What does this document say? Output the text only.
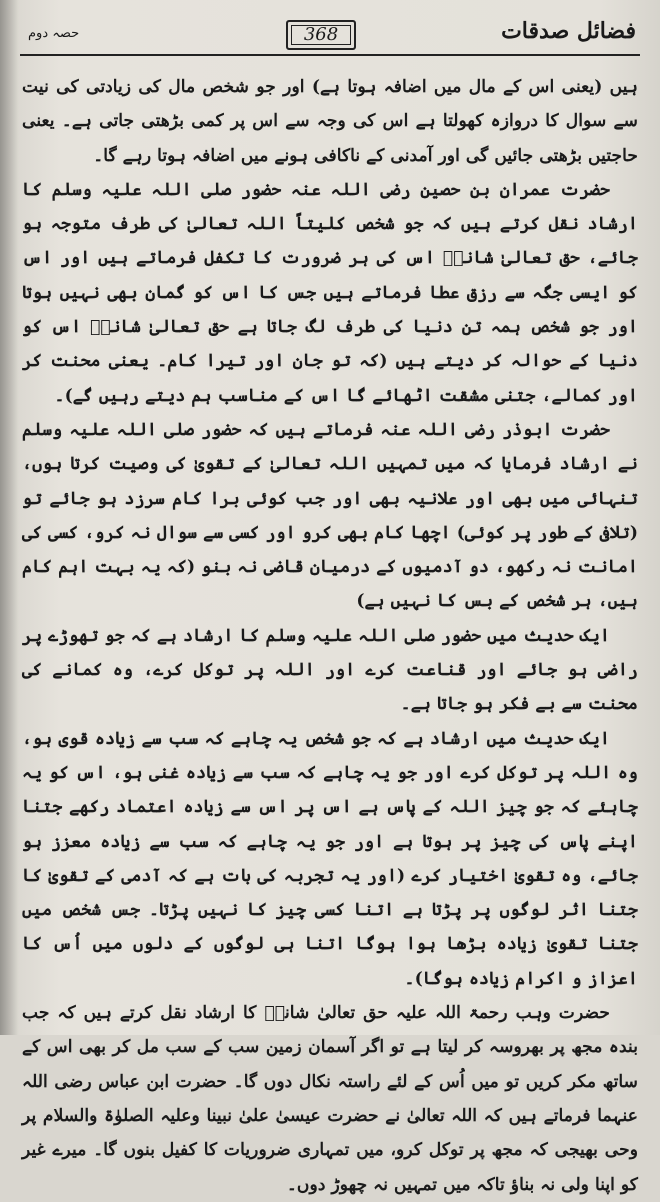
فضائل صدقات
368
حصہ دوم

ہیں (یعنی اس کے مال میں اضافہ ہوتا ہے) اور جو شخص مال کی زیادتی کی نیت سے سوال کا دروازہ کھولتا ہے اس کی وجہ سے اس پر کمی بڑھتی جاتی ہے۔ یعنی حاجتیں بڑھتی جائیں گی اور آمدنی کے ناکافی ہونے میں اضافہ ہوتا رہے گا۔

حضرت عمران بن حصین رضی اللہ عنہ حضور صلی اللہ علیہ وسلم کا ارشاد نقل کرتے ہیں کہ جو شخص کلیتاً اللہ تعالیٰ کی طرف متوجہ ہو جائے، حق تعالیٰ شانہٗ اس کی ہر ضرورت کا تکفل فرماتے ہیں اور اس کو ایسی جگہ سے رزق عطا فرماتے ہیں جس کا اس کو گمان بھی نہیں ہوتا اور جو شخص ہمہ تن دنیا کی طرف لگ جاتا ہے حق تعالیٰ شانہٗ اس کو دنیا کے حوالہ کر دیتے ہیں (کہ تو جان اور تیرا کام۔ یعنی محنت کر اور کمالے، جتنی مشقت اٹھائے گا اس کے مناسب ہم دیتے رہیں گے)۔

حضرت ابوذر رضی اللہ عنہ فرماتے ہیں کہ حضور صلی اللہ علیہ وسلم نے ارشاد فرمایا کہ میں تمہیں اللہ تعالیٰ کے تقویٰ کی وصیت کرتا ہوں، تنہائی میں بھی اور علانیہ بھی اور جب کوئی برا کام سرزد ہو جائے تو (تلافی کے طور پر کوئی) اچھا کام بھی کرو اور کسی سے سوال نہ کرو، کسی کی امانت نہ رکھو، دو آدمیوں کے درمیان قاضی نہ بنو (کہ یہ بہت اہم کام ہیں، ہر شخص کے بس کا نہیں ہے)

ایک حدیث میں حضور صلی اللہ علیہ وسلم کا ارشاد ہے کہ جو تھوڑے پر راضی ہو جائے اور قناعت کرے اور اللہ پر توکل کرے، وہ کمانے کی محنت سے بے فکر ہو جاتا ہے۔

ایک حدیث میں ارشاد ہے کہ جو شخص یہ چاہے کہ سب سے زیادہ قوی ہو، وہ اللہ پر توکل کرے اور جو یہ چاہے کہ سب سے زیادہ غنی ہو، اس کو یہ چاہئے کہ جو چیز اللہ کے پاس ہے اس پر اس سے زیادہ اعتماد رکھے جتنا اپنے پاس کی چیز پر ہوتا ہے اور جو یہ چاہے کہ سب سے زیادہ معزز ہو جائے، وہ تقویٰ اختیار کرے (اور یہ تجربہ کی بات ہے کہ آدمی کے تقویٰ کا جتنا اثر لوگوں پر پڑتا ہے اتنا کسی چیز کا نہیں پڑتا۔ جس شخص میں جتنا تقویٰ زیادہ بڑھا ہوا ہوگا اتنا ہی لوگوں کے دلوں میں اُس کا اعزاز و اکرام زیادہ ہوگا)۔

حضرت وہب رحمۃ اللہ علیہ حق تعالیٰ شانہٗ کا ارشاد نقل کرتے ہیں کہ جب بندہ مجھ پر بھروسہ کر لیتا ہے تو اگر آسمان زمین سب کے سب مل کر بھی اس کے ساتھ مکر کریں تو میں اُس کے لئے راستہ نکال دوں گا۔ حضرت ابن عباس رضی اللہ عنہما فرماتے ہیں کہ اللہ تعالیٰ نے حضرت عیسیٰ علیٰ نبینا وعلیہ الصلوٰۃ والسلام پر وحی بھیجی کہ مجھ پر توکل کرو، میں تمہاری ضروریات کا کفیل بنوں گا۔ میرے غیر کو اپنا ولی نہ بناؤ تاکہ میں تمہیں نہ چھوڑ دوں۔
